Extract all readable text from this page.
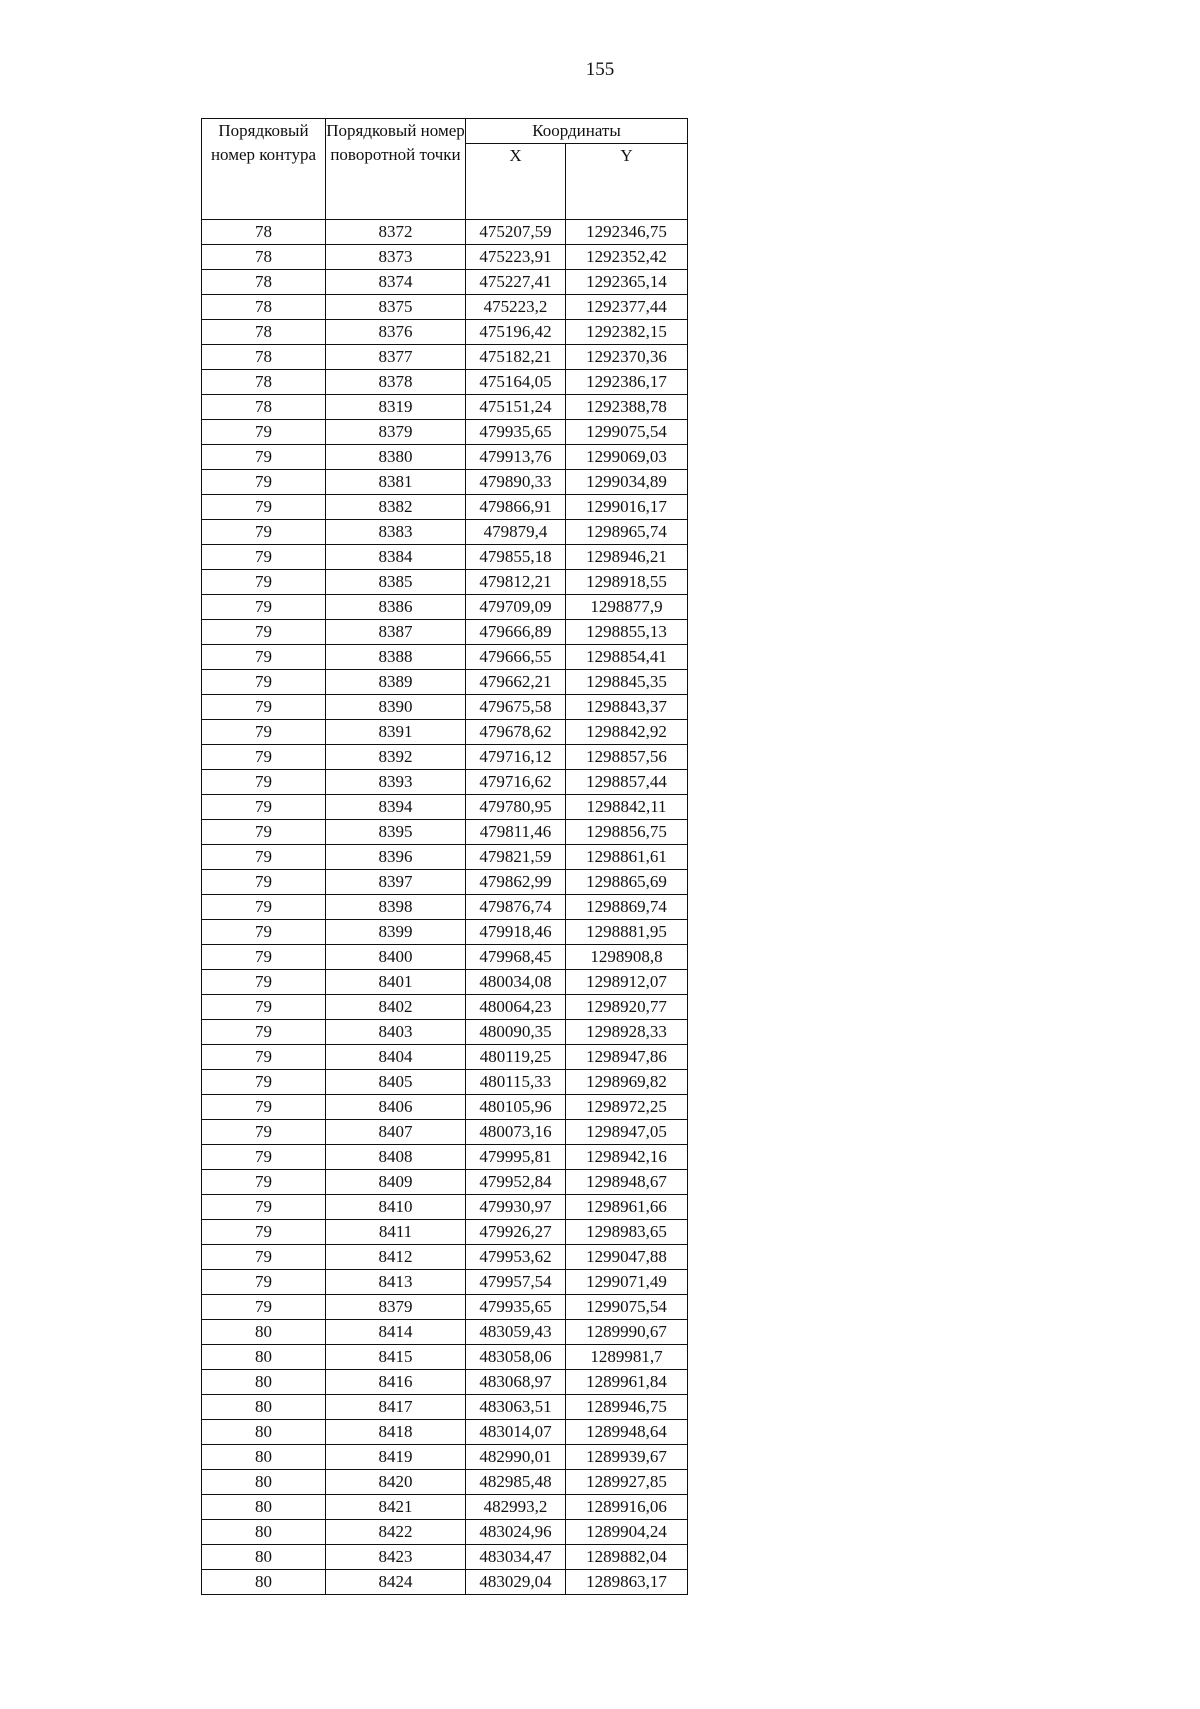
155
Порядковый номер контура	Порядковый номер поворотной точки	Координаты	
		X	Y
78	8372	475207,59	1292346,75
78	8373	475223,91	1292352,42
78	8374	475227,41	1292365,14
78	8375	475223,2	1292377,44
78	8376	475196,42	1292382,15
78	8377	475182,21	1292370,36
78	8378	475164,05	1292386,17
78	8319	475151,24	1292388,78
79	8379	479935,65	1299075,54
79	8380	479913,76	1299069,03
79	8381	479890,33	1299034,89
79	8382	479866,91	1299016,17
79	8383	479879,4	1298965,74
79	8384	479855,18	1298946,21
79	8385	479812,21	1298918,55
79	8386	479709,09	1298877,9
79	8387	479666,89	1298855,13
79	8388	479666,55	1298854,41
79	8389	479662,21	1298845,35
79	8390	479675,58	1298843,37
79	8391	479678,62	1298842,92
79	8392	479716,12	1298857,56
79	8393	479716,62	1298857,44
79	8394	479780,95	1298842,11
79	8395	479811,46	1298856,75
79	8396	479821,59	1298861,61
79	8397	479862,99	1298865,69
79	8398	479876,74	1298869,74
79	8399	479918,46	1298881,95
79	8400	479968,45	1298908,8
79	8401	480034,08	1298912,07
79	8402	480064,23	1298920,77
79	8403	480090,35	1298928,33
79	8404	480119,25	1298947,86
79	8405	480115,33	1298969,82
79	8406	480105,96	1298972,25
79	8407	480073,16	1298947,05
79	8408	479995,81	1298942,16
79	8409	479952,84	1298948,67
79	8410	479930,97	1298961,66
79	8411	479926,27	1298983,65
79	8412	479953,62	1299047,88
79	8413	479957,54	1299071,49
79	8379	479935,65	1299075,54
80	8414	483059,43	1289990,67
80	8415	483058,06	1289981,7
80	8416	483068,97	1289961,84
80	8417	483063,51	1289946,75
80	8418	483014,07	1289948,64
80	8419	482990,01	1289939,67
80	8420	482985,48	1289927,85
80	8421	482993,2	1289916,06
80	8422	483024,96	1289904,24
80	8423	483034,47	1289882,04
80	8424	483029,04	1289863,17
